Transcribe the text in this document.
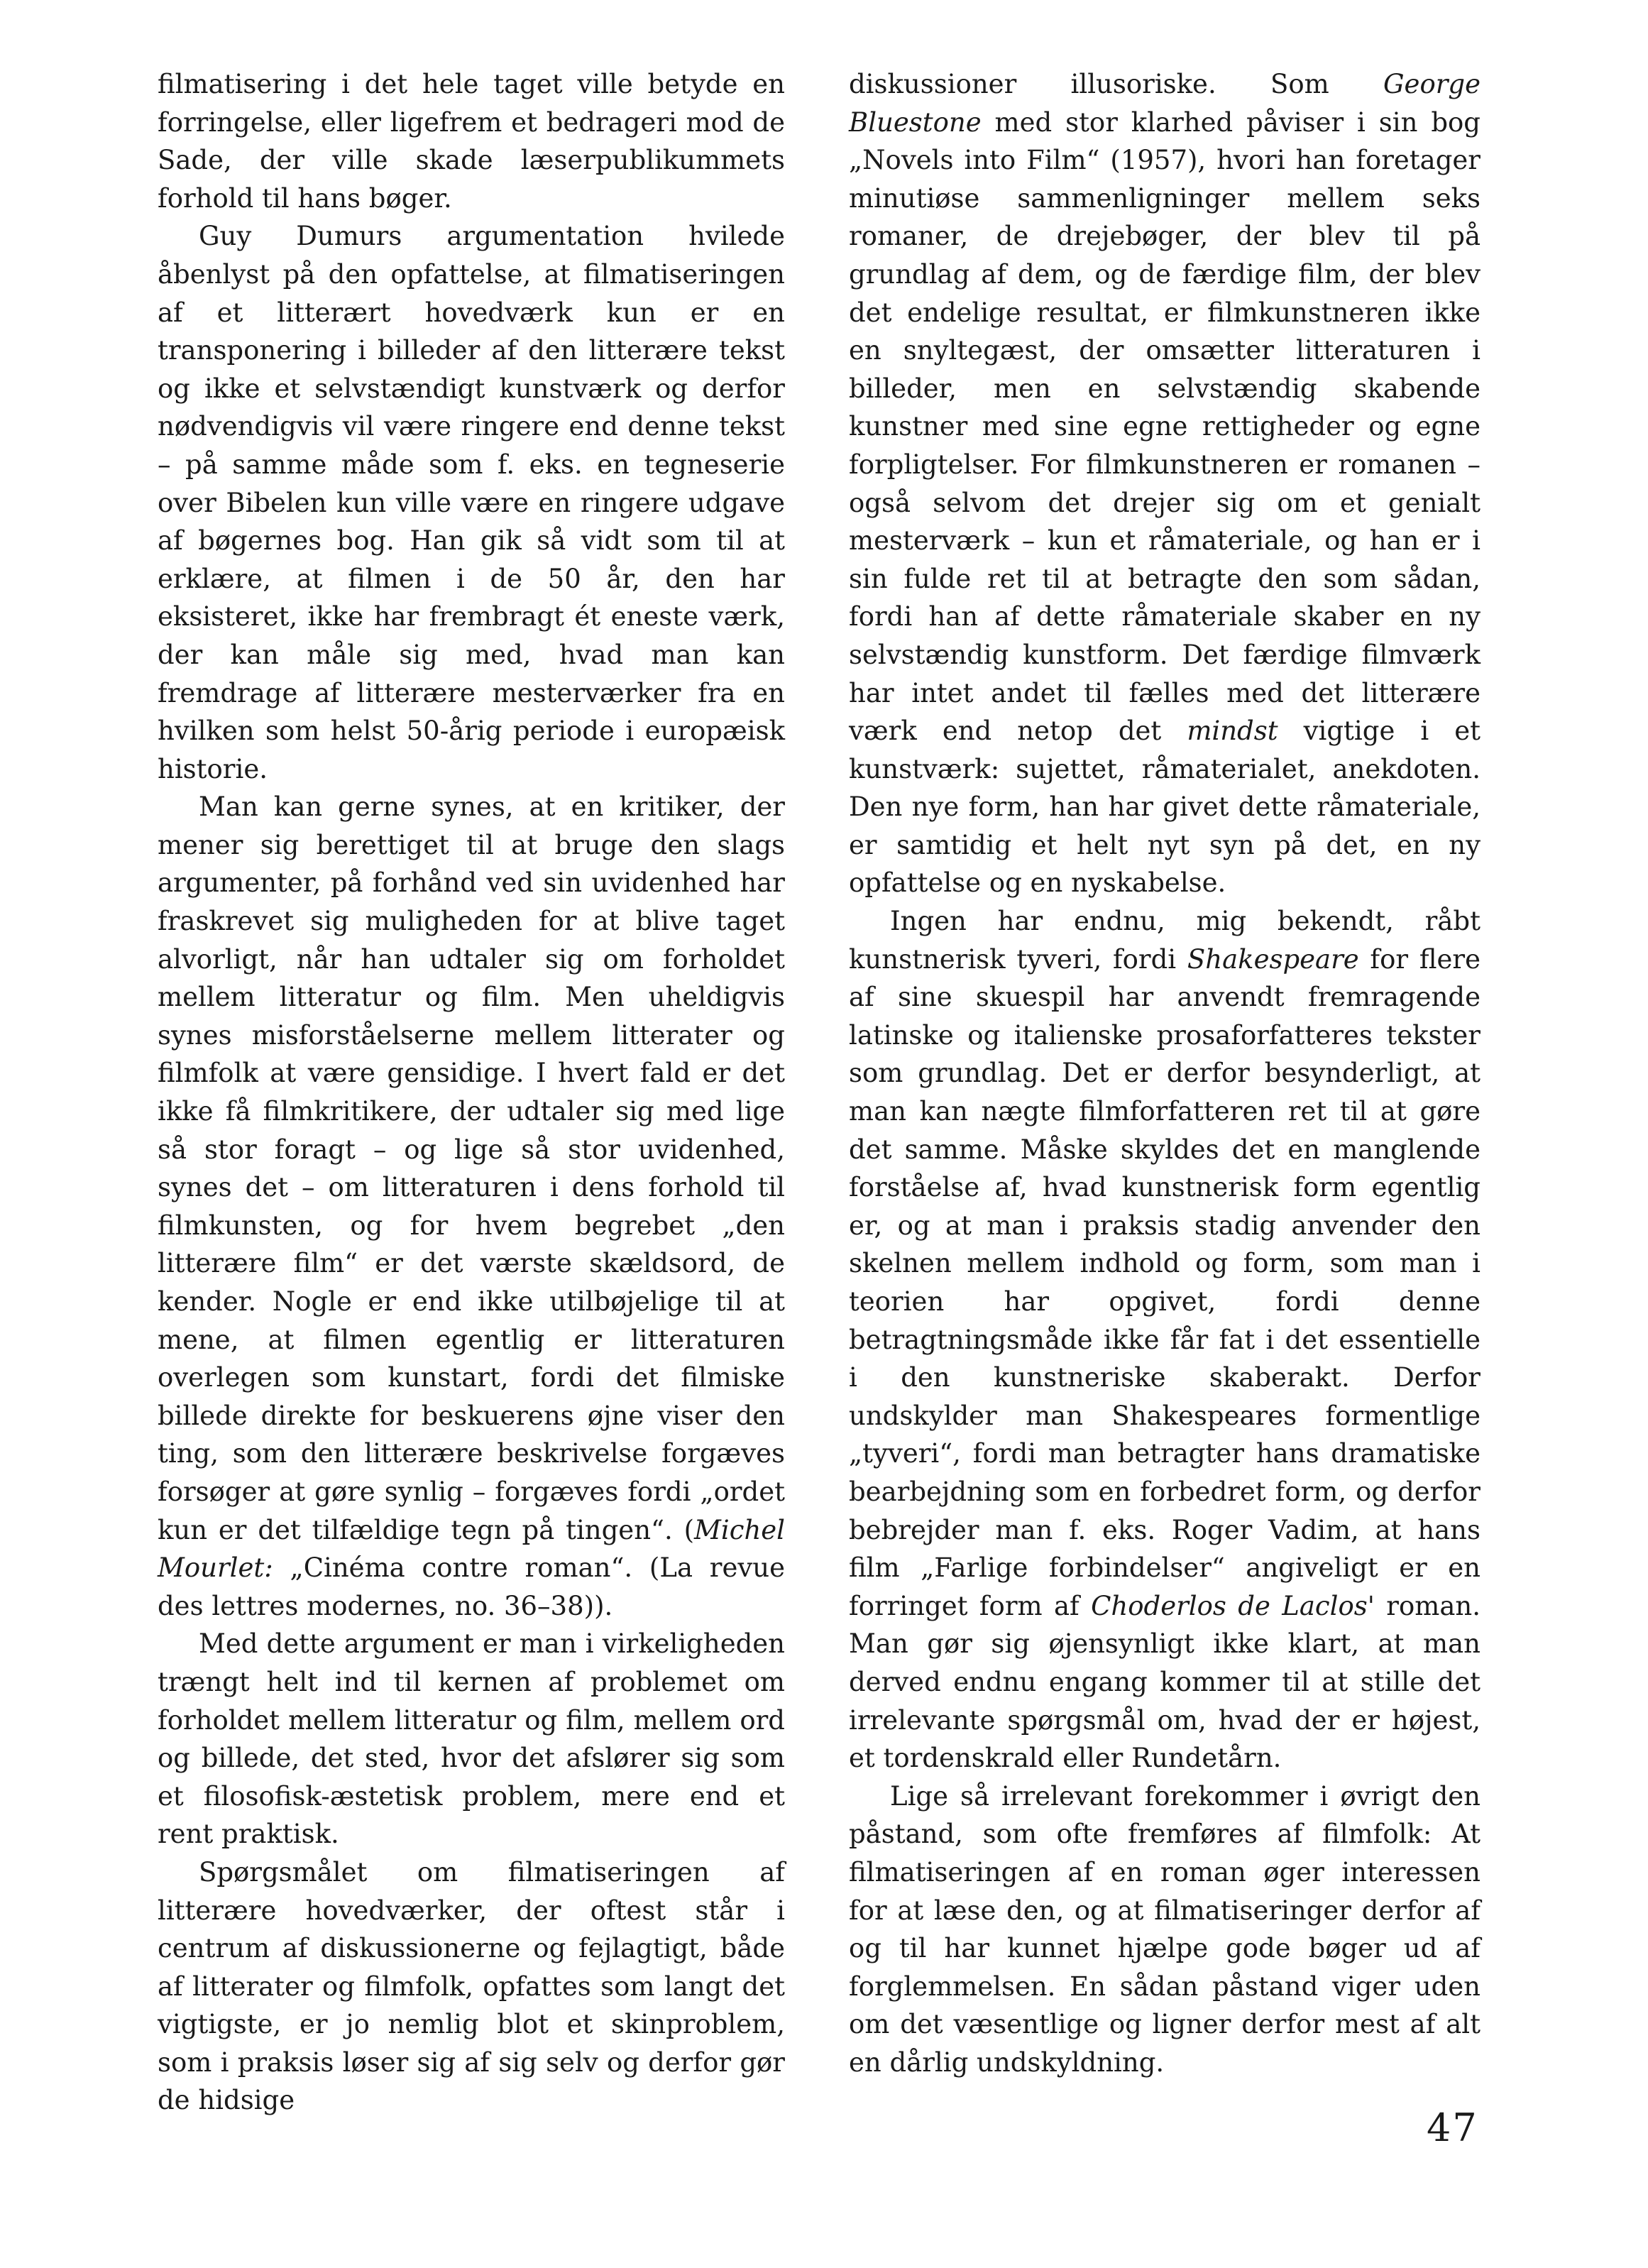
filmatisering i det hele taget ville betyde en forringelse, eller ligefrem et bedrageri mod de Sade, der ville skade læserpublikummets forhold til hans bøger.

Guy Dumurs argumentation hvilede åbenlyst på den opfattelse, at filmatiseringen af et litterært hovedværk kun er en transponering i billeder af den litterære tekst og ikke et selvstændigt kunstværk og derfor nødvendigvis vil være ringere end denne tekst – på samme måde som f. eks. en tegneserie over Bibelen kun ville være en ringere udgave af bøgernes bog. Han gik så vidt som til at erklære, at filmen i de 50 år, den har eksisteret, ikke har frembragt ét eneste værk, der kan måle sig med, hvad man kan fremdrage af litterære mesterværker fra en hvilken som helst 50-årig periode i europæisk historie.

Man kan gerne synes, at en kritiker, der mener sig berettiget til at bruge den slags argumenter, på forhånd ved sin uvidenhed har fraskrevet sig muligheden for at blive taget alvorligt, når han udtaler sig om forholdet mellem litteratur og film. Men uheldigvis synes misforståelserne mellem litterater og filmfolk at være gensidige. I hvert fald er det ikke få filmkritikere, der udtaler sig med lige så stor foragt – og lige så stor uvidenhed, synes det – om litteraturen i dens forhold til filmkunsten, og for hvem begrebet „den litterære film“ er det værste skældsord, de kender. Nogle er end ikke utilbøjelige til at mene, at filmen egentlig er litteraturen overlegen som kunstart, fordi det filmiske billede direkte for beskuerens øjne viser den ting, som den litterære beskrivelse forgæves forsøger at gøre synlig – forgæves fordi „ordet kun er det tilfældige tegn på tingen“. (Michel Mourlet: „Cinéma contre roman“. (La revue des lettres modernes, no. 36–38)).

Med dette argument er man i virkeligheden trængt helt ind til kernen af problemet om forholdet mellem litteratur og film, mellem ord og billede, det sted, hvor det afslører sig som et filosofisk-æstetisk problem, mere end et rent praktisk.

Spørgsmålet om filmatiseringen af litterære hovedværker, der oftest står i centrum af diskussionerne og fejlagtigt, både af litterater og filmfolk, opfattes som langt det vigtigste, er jo nemlig blot et skinproblem, som i praksis løser sig af sig selv og derfor gør de hidsige

diskussioner illusoriske. Som George Bluestone med stor klarhed påviser i sin bog „Novels into Film“ (1957), hvori han foretager minutiøse sammenligninger mellem seks romaner, de drejebøger, der blev til på grundlag af dem, og de færdige film, der blev det endelige resultat, er filmkunstneren ikke en snyltegæst, der omsætter litteraturen i billeder, men en selvstændig skabende kunstner med sine egne rettigheder og egne forpligtelser. For filmkunstneren er romanen – også selvom det drejer sig om et genialt mesterværk – kun et råmateriale, og han er i sin fulde ret til at betragte den som sådan, fordi han af dette råmateriale skaber en ny selvstændig kunstform. Det færdige filmværk har intet andet til fælles med det litterære værk end netop det mindst vigtige i et kunstværk: sujettet, råmaterialet, anekdoten. Den nye form, han har givet dette råmateriale, er samtidig et helt nyt syn på det, en ny opfattelse og en nyskabelse.

Ingen har endnu, mig bekendt, råbt kunstnerisk tyveri, fordi Shakespeare for flere af sine skuespil har anvendt fremragende latinske og italienske prosaforfatteres tekster som grundlag. Det er derfor besynderligt, at man kan nægte filmforfatteren ret til at gøre det samme. Måske skyldes det en manglende forståelse af, hvad kunstnerisk form egentlig er, og at man i praksis stadig anvender den skelnen mellem indhold og form, som man i teorien har opgivet, fordi denne betragtningsmåde ikke får fat i det essentielle i den kunstneriske skaberakt. Derfor undskylder man Shakespeares formentlige „tyveri“, fordi man betragter hans dramatiske bearbejdning som en forbedret form, og derfor bebrejder man f. eks. Roger Vadim, at hans film „Farlige forbindelser“ angiveligt er en forringet form af Choderlos de Laclos' roman. Man gør sig øjensynligt ikke klart, at man derved endnu engang kommer til at stille det irrelevante spørgsmål om, hvad der er højest, et tordenskrald eller Rundetårn.

Lige så irrelevant forekommer i øvrigt den påstand, som ofte fremføres af filmfolk: At filmatiseringen af en roman øger interessen for at læse den, og at filmatiseringer derfor af og til har kunnet hjælpe gode bøger ud af forglemmelsen. En sådan påstand viger uden om det væsentlige og ligner derfor mest af alt en dårlig undskyldning.

47
